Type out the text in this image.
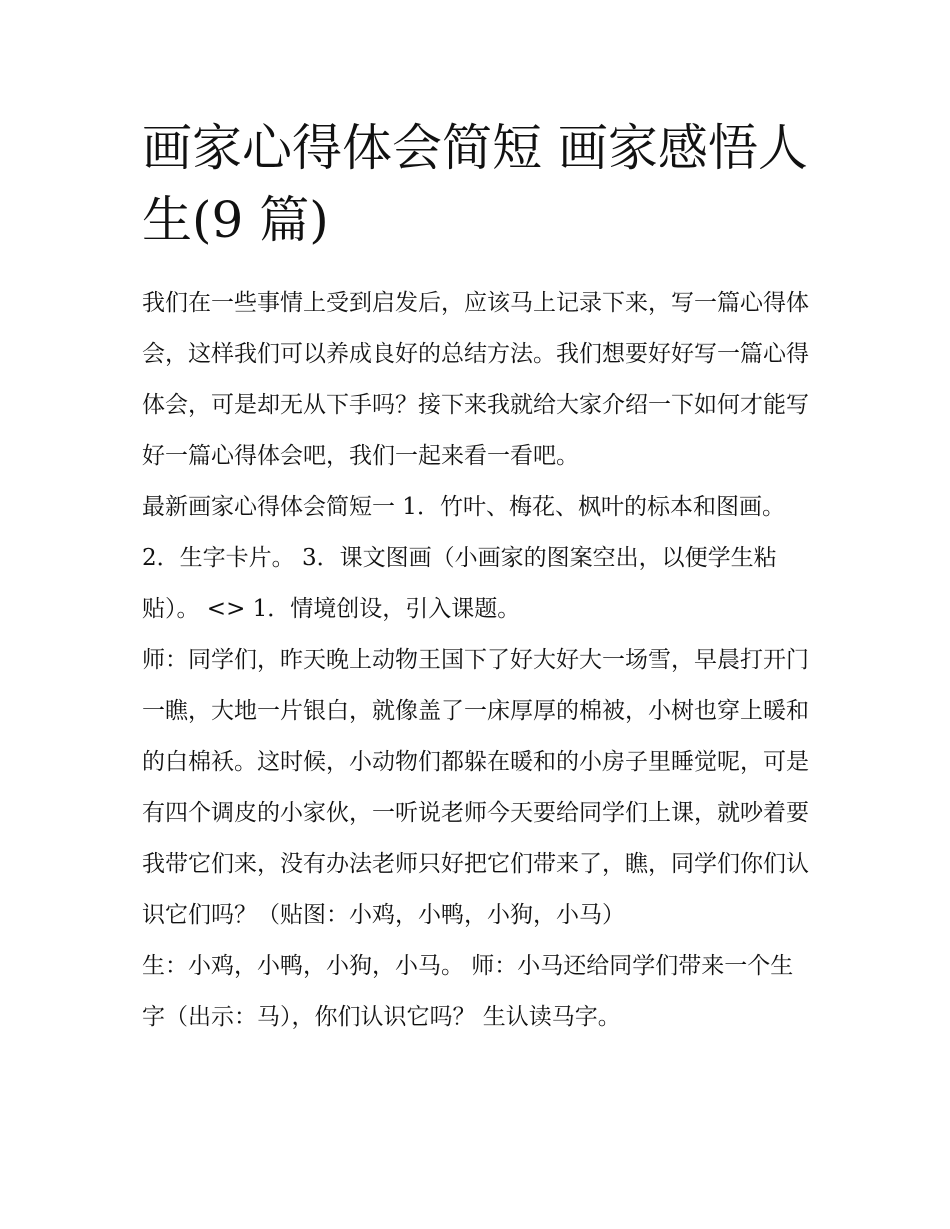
画家心得体会简短 画家感悟人生(9 篇)

我们在一些事情上受到启发后，应该马上记录下来，写一篇心得体会，这样我们可以养成良好的总结方法。我们想要好好写一篇心得体会，可是却无从下手吗？接下来我就给大家介绍一下如何才能写好一篇心得体会吧，我们一起来看一看吧。

最新画家心得体会简短一 1．竹叶、梅花、枫叶的标本和图画。 2．生字卡片。 3．课文图画（小画家的图案空出，以便学生粘贴）。 <> 1．情境创设，引入课题。

师：同学们，昨天晚上动物王国下了好大好大一场雪，早晨打开门一瞧，大地一片银白，就像盖了一床厚厚的棉被，小树也穿上暖和的白棉袄。这时候，小动物们都躲在暖和的小房子里睡觉呢，可是有四个调皮的小家伙，一听说老师今天要给同学们上课，就吵着要我带它们来，没有办法老师只好把它们带来了，瞧，同学们你们认识它们吗？（贴图：小鸡，小鸭，小狗，小马）

生：小鸡，小鸭，小狗，小马。 师：小马还给同学们带来一个生字（出示：马），你们认识它吗？ 生认读马字。
